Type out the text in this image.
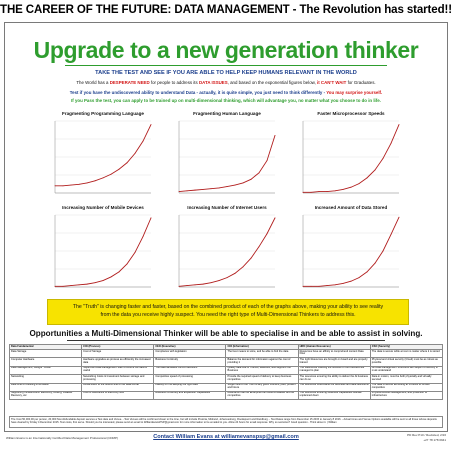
THE CAREER OF THE FUTURE: DATA MANAGEMENT - The Revolution has started!!
Upgrade to a new generation thinker
TAKE THE TEST AND SEE IF YOU ARE ABLE TO HELP KEEP HUMANS RELEVANT IN THE WORLD
The World has a DESPERATE NEED for people to address its DATA ISSUES, and based on the exponential figures below, it CAN'T WAIT for Graduates.
Test if you have the undiscovered ability to understand Data - actually, it is quite simple, you just need to think differently - You may surprise yourself.
If you Pass the test, you can apply to be trained up on multi-dimensional thinking, which will advantage you, no matter what you choose to do in life.
Fragmenting Programming Language	Fragmenting Human Language	Faster Microprocessor Speeds
Increasing Number of Mobile Devices	Increasing Number of Internet Users	Increased Amount of Data Stored
The "Truth" is changing faster and faster, based on the combined product of each of the graphs above, making your ability to see reality
from the data you receive highly suspect. You need the right type of Multi-Dimensional Thinkers to address this.
Opportunities a Multi-Dimensional Thinker will be able to specialise in and be able to assist in solving.
Data Fundamental	CIO (Process)	CEO (Executive)	CIO (Information)	HRO (Human Resources)	CSO (Security)
Data Storage	Cost of Storage	Compliance with legislation	The best means to store, and be able to find the data	Resources have an affinity to comprehend content Data Flow	The data is secure while at rest no matter where it is stored
Computer Hardware	Hardware upgrades as process as efficiently the increased data	Business Continuity	Balance the demand for information against the cost of providing it	The right Resources are brought on board and are properly trained	Physical and virtual security (Cloud) must be as robust as possible
Data Management, Google "CAMP"	Supervise Data Management Staff to ensure the data is useful	The data facilitates correct decisions	Quality data that is Truthful, Relevant, and supports the Business	The Resources meeting the success of the business are managed to plan	All Data Management Structures are subject to security & must understand
Networking	Networking Costs & Investment between storage and processing	Competitive speed of processing	Provide the required speed of delivery to keep business competitive	The resources ensuring the ability to deliver the Al business can do so	Data in motion, must be both physically and virtually secured
Real time of resulting information	Actual listen to the bottom-line of the data format	Liability for not keeping the right data	Single view of the Truth to any given moment, past, present and future	The resources understand the Business and data definitions	The data is secure according at Protocol to remain competitive
Supporting Infrastructure: Electricity, cooling, Disaster Recovery, etc	Cost of Assurance of electricity flow	Business Continuity and Expansion Capabilities	Assurance that the Enterprise can avoid a disaster and be competitive	The resources ensuring Business Capabilities tolerate unplanned down	Physical Access Management, and protection of infrastructure
The Cost 50,000,00 per person, 20,000 Non-Refundable deposit secures a Test date and Venue. - Test Venues will be confirmed closer to the time, but will include Pretoria, Midrand, Johannesburg, Roodepoort and Randburg. - Test Dates range from December 15 2015 to January 8 2016. - Actual times and Venue Options available will be sent to all those whose deposits have cleared by Friday 4 December 2015. Test costs, first serve. Should you be interested, please send an email to WilliamEvansPSP@gmail.com for more information to be emailed to you. Allow 24 hours for email response. Why so secretive? Good question - Think about it. | William
William Evans is an Internationally Certified Data Management Professional (CDMP)	Contact William Evans at williamevanspsp@gmail.com	PD Rev P10 / Revisited, 2/16
+27 78 178 0941
